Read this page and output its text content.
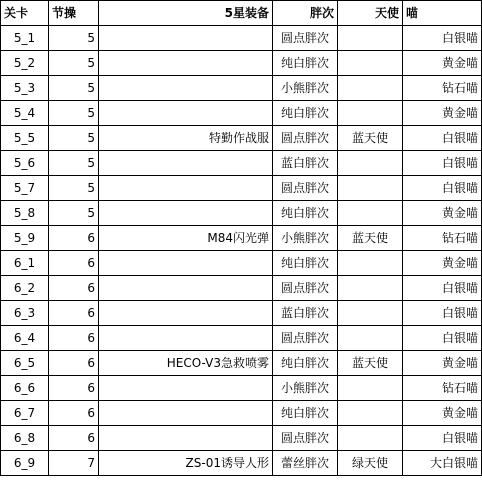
关卡	节操	5星装备	胖次	天使	喵
5_1	5		圆点胖次		白银喵
5_2	5		纯白胖次		黄金喵
5_3	5		小熊胖次		钻石喵
5_4	5		纯白胖次		黄金喵
5_5	5	特勤作战服	圆点胖次	蓝天使	白银喵
5_6	5		蓝白胖次		白银喵
5_7	5		圆点胖次		白银喵
5_8	5		纯白胖次		黄金喵
5_9	6	M84闪光弹	小熊胖次	蓝天使	钻石喵
6_1	6		纯白胖次		黄金喵
6_2	6		圆点胖次		白银喵
6_3	6		蓝白胖次		白银喵
6_4	6		圆点胖次		白银喵
6_5	6	HECO-V3急救喷雾	纯白胖次	蓝天使	黄金喵
6_6	6		小熊胖次		钻石喵
6_7	6		纯白胖次		黄金喵
6_8	6		圆点胖次		白银喵
6_9	7	ZS-01诱导人形	蕾丝胖次	绿天使	大白银喵
